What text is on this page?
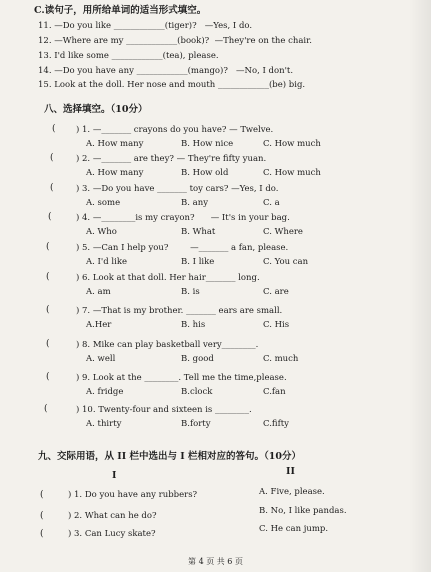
C.读句子，用所给单词的适当形式填空。
11. —Do you like ____________(tiger)?   —Yes, I do.
12. —Where are my ____________(book)?  —They're on the chair.
13. I'd like some ____________(tea), please.
14. —Do you have any ____________(mango)?   —No, I don't.
15. Look at the doll. Her nose and mouth ____________(be) big.
八、选择填空。（10分）
( ) 1. —_______ crayons do you have? — Twelve.
A. How many	B. How nice	C. How much
(	) 2. —_______ are they? — They're fifty yuan.
A. How many	B. How old	C. How much
(	) 3. —Do you have _______ toy cars? —Yes, I do.
A. some	B. any	C. a
(	) 4. —________is my crayon?      — It's in your bag.
A. Who	B. What	C. Where
(	) 5. —Can I help you?        —_______ a fan, please.
A. I'd like	B. I like	C. You can
(	) 6. Look at that doll. Her hair_______ long.
A. am	B. is	C. are
(	) 7. —That is my brother. _______ ears are small.
A.Her	B. his	C. His
(	) 8. Mike can play basketball very________.
A. well	B. good	C. much
(	) 9. Look at the ________. Tell me the time,please.
A. fridge	B.clock	C.fan
(	) 10. Twenty-four and sixteen is ________.
A. thirty	B.forty	C.fifty
九、交际用语，从 II 栏中选出与 I 栏相对应的答句。（10分）
I	II
(	) 1. Do you have any rubbers?	A. Five, please.
(	) 2. What can he do?	B. No, I like pandas.
(	) 3. Can Lucy skate?	C. He can jump.
第 4 页 共 6 页
